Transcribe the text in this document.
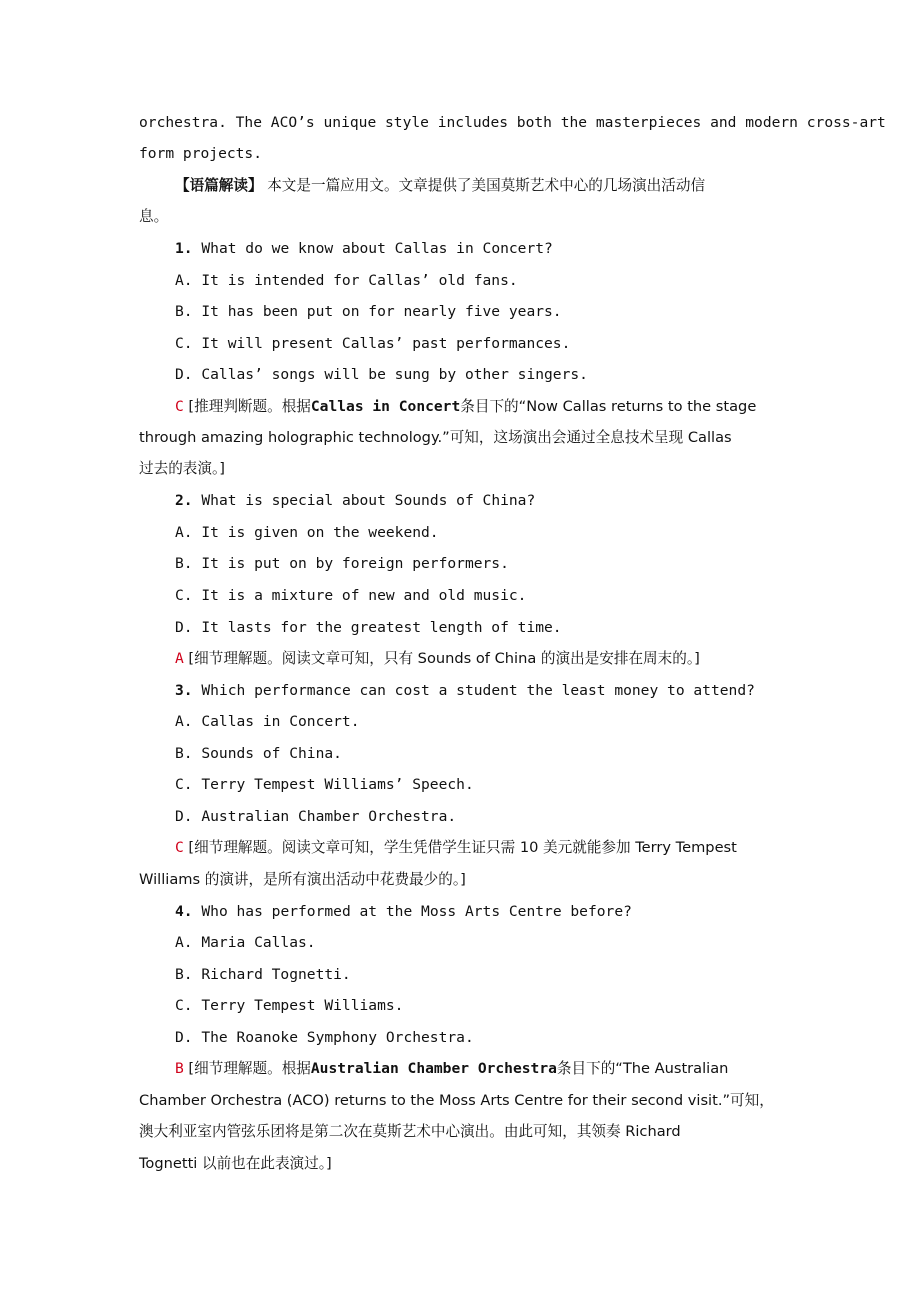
orchestra. The ACO’s unique style includes both the masterpieces and modern cross-art
form projects.
【语篇解读】 本文是一篇应用文。文章提供了美国莫斯艺术中心的几场演出活动信
息。
1. What do we know about Callas in Concert?
A. It is intended for Callas’ old fans.
B. It has been put on for nearly five years.
C. It will present Callas’ past performances.
D. Callas’ songs will be sung by other singers.
C [推理判断题。根据Callas in Concert条目下的“Now Callas returns to the stage
through amazing holographic technology.”可知，这场演出会通过全息技术呈现 Callas
过去的表演。]
2. What is special about Sounds of China?
A. It is given on the weekend.
B. It is put on by foreign performers.
C. It is a mixture of new and old music.
D. It lasts for the greatest length of time.
A [细节理解题。阅读文章可知，只有 Sounds of China 的演出是安排在周末的。]
3. Which performance can cost a student the least money to attend?
A. Callas in Concert.
B. Sounds of China.
C. Terry Tempest Williams’ Speech.
D. Australian Chamber Orchestra.
C [细节理解题。阅读文章可知，学生凭借学生证只需 10 美元就能参加 Terry Tempest
Williams 的演讲，是所有演出活动中花费最少的。]
4. Who has performed at the Moss Arts Centre before?
A. Maria Callas.
B. Richard Tognetti.
C. Terry Tempest Williams.
D. The Roanoke Symphony Orchestra.
B [细节理解题。根据Australian Chamber Orchestra条目下的“The Australian
Chamber Orchestra (ACO) returns to the Moss Arts Centre for their second visit.”可知，
澳大利亚室内管弦乐团将是第二次在莫斯艺术中心演出。由此可知，其领奏 Richard
Tognetti 以前也在此表演过。]
